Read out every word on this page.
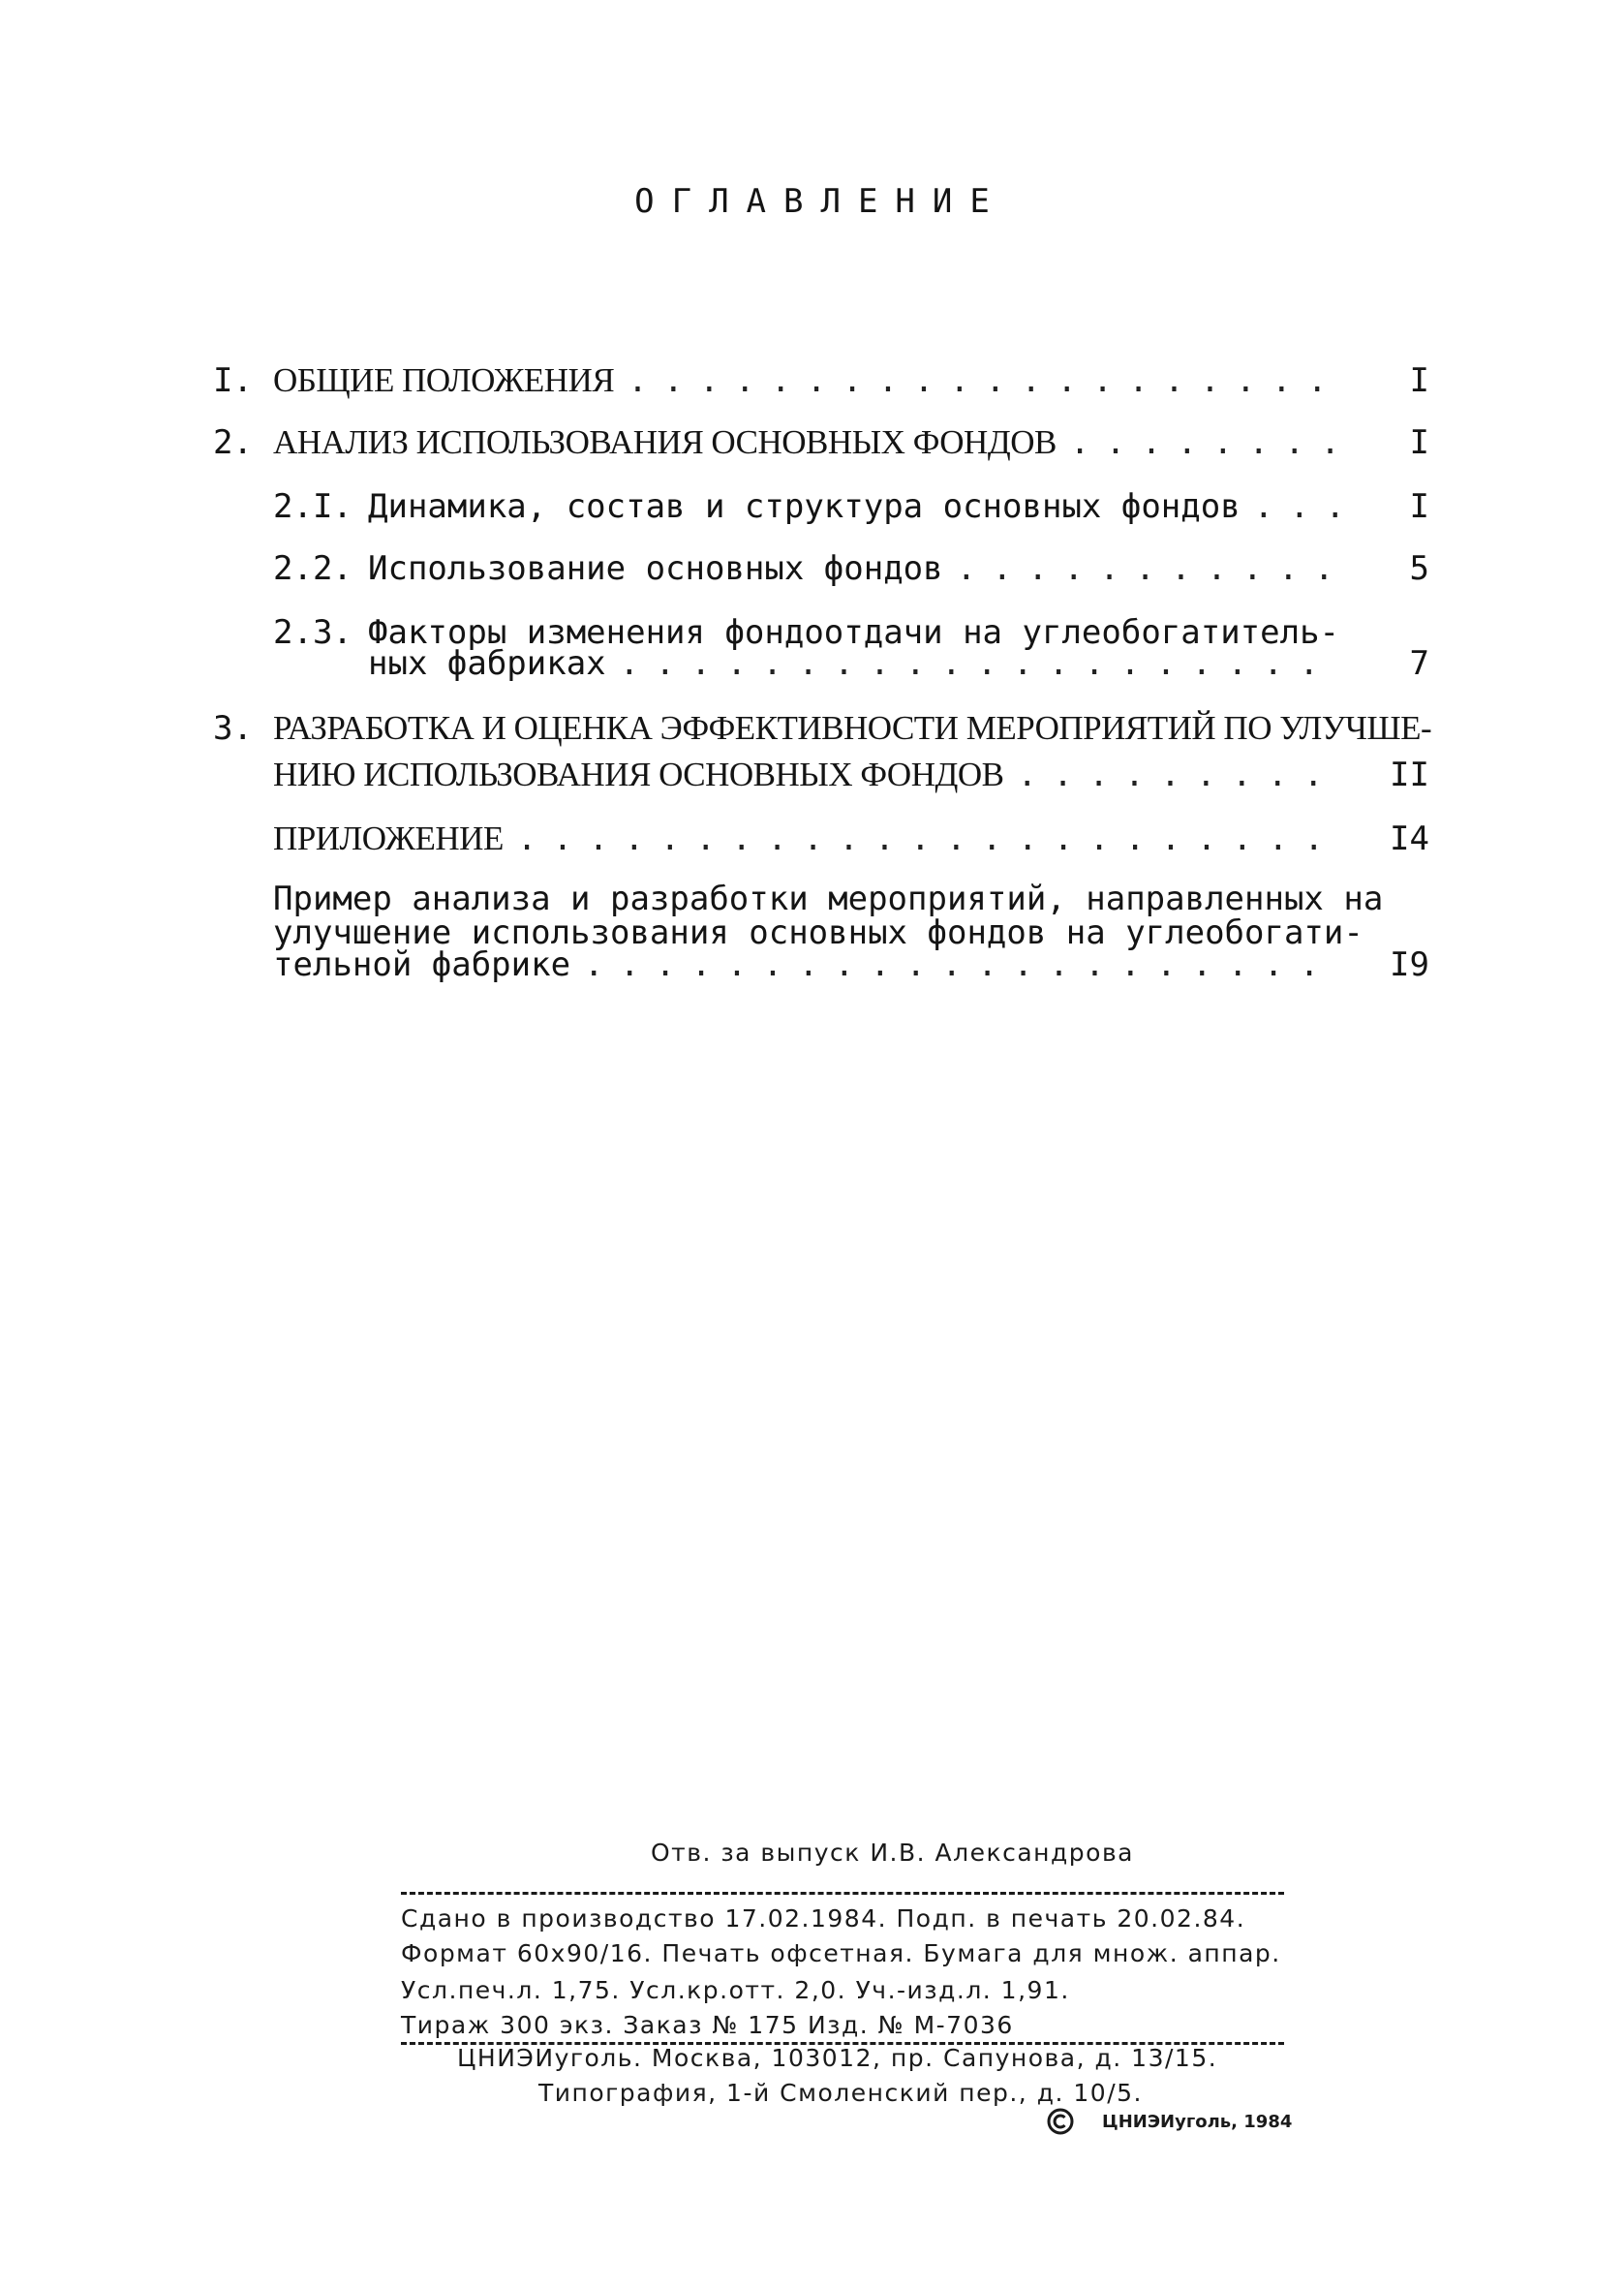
ОГЛАВЛЕНИЕ
I. ОБЩИЕ ПОЛОЖЕНИЯ . . .	I
2. АНАЛИЗ ИСПОЛЬЗОВАНИЯ ОСНОВНЫХ ФОНДОВ . . .	I
2.I. Динамика, состав и структура основных фондов . . .	I
2.2. Использование основных фондов . . .	5
2.3. Факторы изменения фондоотдачи на углеобогатитель-
ных фабриках . . .	7
3. РАЗРАБОТКА И ОЦЕНКА ЭФФЕКТИВНОСТИ МЕРОПРИЯТИЙ ПО УЛУЧШЕ-
НИЮ ИСПОЛЬЗОВАНИЯ ОСНОВНЫХ ФОНДОВ . . .	II
ПРИЛОЖЕНИЕ . . .	I4
Пример анализа и разработки мероприятий, направленных на
улучшение использования основных фондов на углеобогати-
тельной фабрике . . .	I9
Отв. за выпуск И.В. Александрова
Сдано в производство 17.02.1984. Подп. в печать 20.02.84.
Формат 60х90/16. Печать офсетная. Бумага для множ. аппар.
Усл.печ.л. 1,75. Усл.кр.отт. 2,0. Уч.-изд.л. 1,91.
Тираж 300 экз. Заказ № 175 Изд. № М-7036
ЦНИЭИуголь. Москва, 103012, пр. Сапунова, д. 13/15.
Типография, 1-й Смоленский пер., д. 10/5.
ЦНИЭИуголь, 1984
